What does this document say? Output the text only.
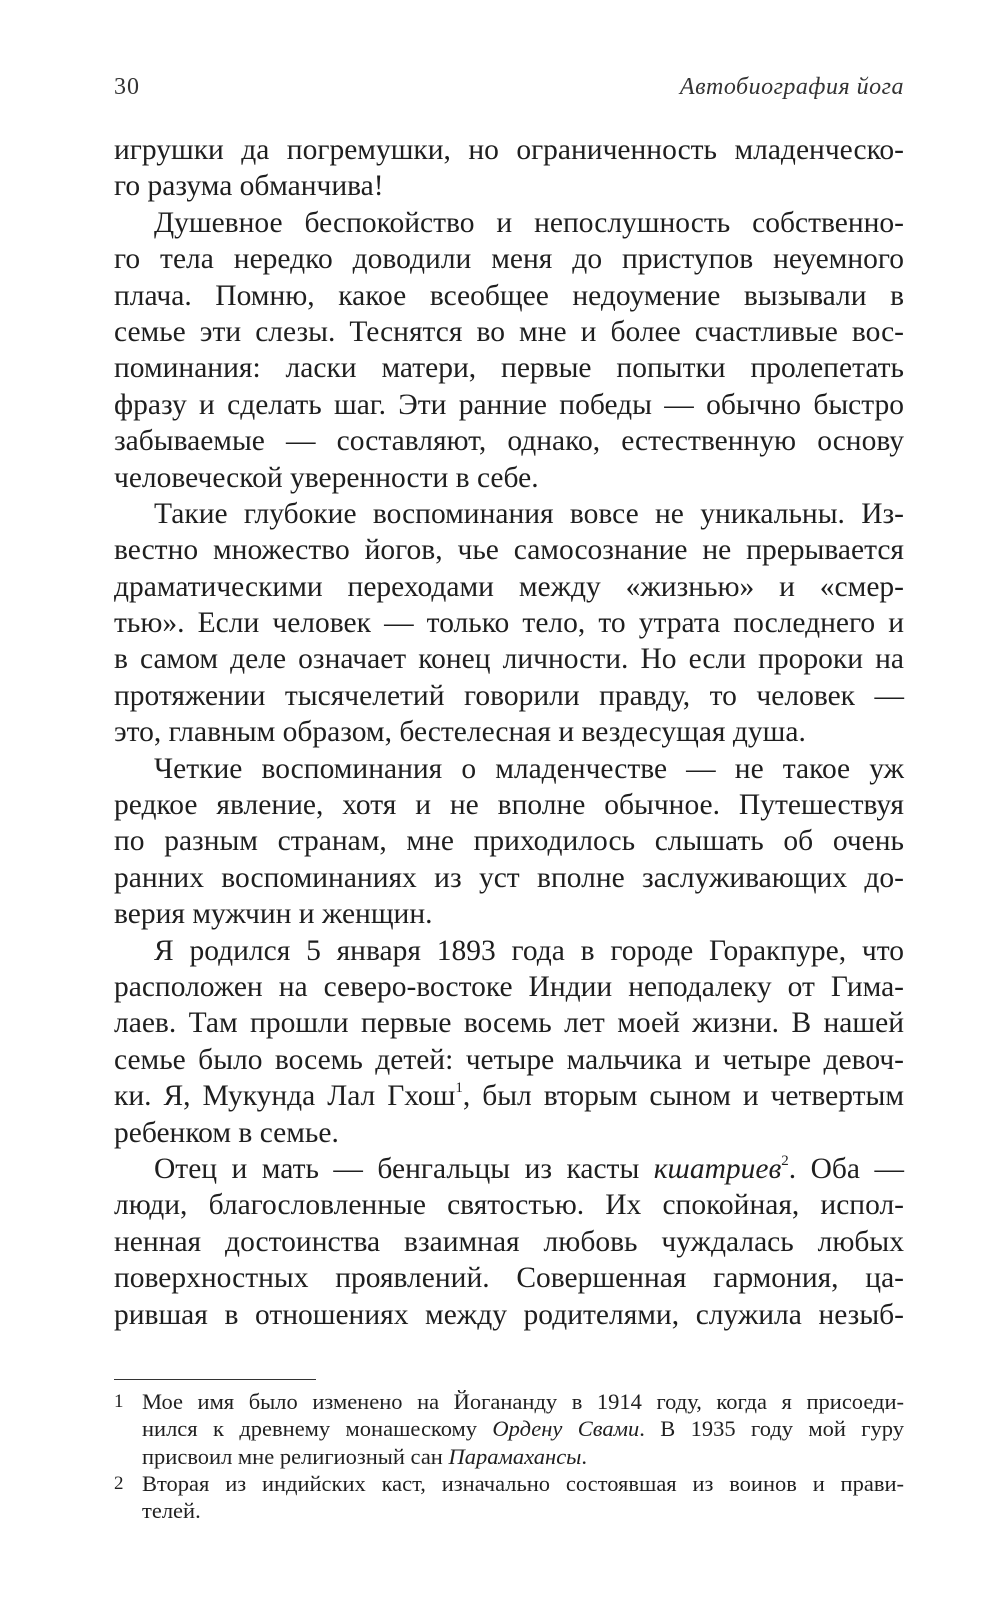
30	Автобиография йога
игрушки да погремушки, но ограниченность младенческо-
го разума обманчива!
Душевное беспокойство и непослушность собственно-
го тела нередко доводили меня до приступов неуемного
плача. Помню, какое всеобщее недоумение вызывали в
семье эти слезы. Теснятся во мне и более счастливые вос-
поминания: ласки матери, первые попытки пролепетать
фразу и сделать шаг. Эти ранние победы — обычно быстро
забываемые — составляют, однако, естественную основу
человеческой уверенности в себе.
Такие глубокие воспоминания вовсе не уникальны. Из-
вестно множество йогов, чье самосознание не прерывается
драматическими переходами между «жизнью» и «смер-
тью». Если человек — только тело, то утрата последнего и
в самом деле означает конец личности. Но если пророки на
протяжении тысячелетий говорили правду, то человек —
это, главным образом, бестелесная и вездесущая душа.
Четкие воспоминания о младенчестве — не такое уж
редкое явление, хотя и не вполне обычное. Путешествуя
по разным странам, мне приходилось слышать об очень
ранних воспоминаниях из уст вполне заслуживающих до-
верия мужчин и женщин.
Я родился 5 января 1893 года в городе Горакпуре, что
расположен на северо-востоке Индии неподалеку от Гима-
лаев. Там прошли первые восемь лет моей жизни. В нашей
семье было восемь детей: четыре мальчика и четыре девоч-
ки. Я, Мукунда Лал Гхош$^1$, был вторым сыном и четвертым
ребенком в семье.
Отец и мать — бенгальцы из касты кшатриев$^2$. Оба —
люди, благословленные святостью. Их спокойная, испол-
ненная достоинства взаимная любовь чуждалась любых
поверхностных проявлений. Совершенная гармония, ца-
рившая в отношениях между родителями, служила незыб-
1 Мое имя было изменено на Йогананду в 1914 году, когда я присоеди-
нился к древнему монашескому Ордену Свами. В 1935 году мой гуру
присвоил мне религиозный сан Парамахансы.
2 Вторая из индийских каст, изначально состоявшая из воинов и прави-
телей.
